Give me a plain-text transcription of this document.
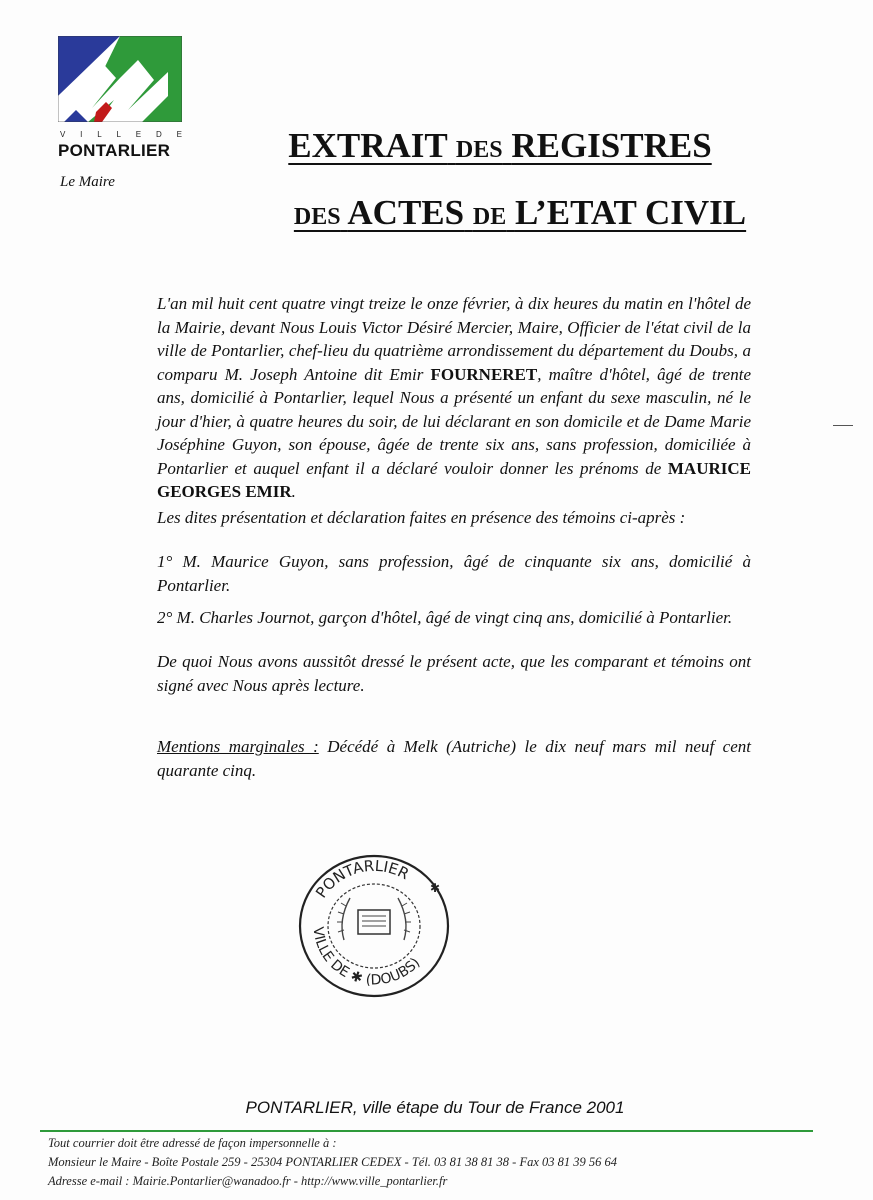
V I L L E D E
PONTARLIER
Le Maire
EXTRAIT DES REGISTRES
DES ACTES DE L’ETAT CIVIL
L'an mil huit cent quatre vingt treize le onze février, à dix heures du matin en l'hôtel de la Mairie, devant Nous Louis Victor Désiré Mercier, Maire, Officier de l'état civil de la ville de Pontarlier, chef-lieu du quatrième arrondissement du département du Doubs, a comparu M. Joseph Antoine dit Emir FOURNERET, maître d'hôtel, âgé de trente ans, domicilié à Pontarlier, lequel Nous a présenté un enfant du sexe masculin, né le jour d'hier, à quatre heures du soir, de lui déclarant en son domicile et de Dame Marie Joséphine Guyon, son épouse, âgée de trente six ans, sans profession, domiciliée à Pontarlier et auquel enfant il a déclaré vouloir donner les prénoms de MAURICE GEORGES EMIR.
Les dites présentation et déclaration faites en présence des témoins ci-après :
1° M. Maurice Guyon, sans profession, âgé de cinquante six ans, domicilié à Pontarlier.
2° M. Charles Journot, garçon d'hôtel, âgé de vingt cinq ans, domicilié à Pontarlier.
De quoi Nous avons aussitôt dressé le présent acte, que les comparant et témoins ont signé avec Nous après lecture.
Mentions marginales : Décédé à Melk (Autriche) le dix neuf mars mil neuf cent quarante cinq.
PONTARLIER
VILLE DE ✱ (DOUBS)
✱
PONTARLIER, ville étape du Tour de France 2001
Tout courrier doit être adressé de façon impersonnelle à :
Monsieur le Maire - Boîte Postale 259 - 25304 PONTARLIER CEDEX - Tél. 03 81 38 81 38 - Fax 03 81 39 56 64
Adresse e-mail : Mairie.Pontarlier@wanadoo.fr - http://www.ville_pontarlier.fr
